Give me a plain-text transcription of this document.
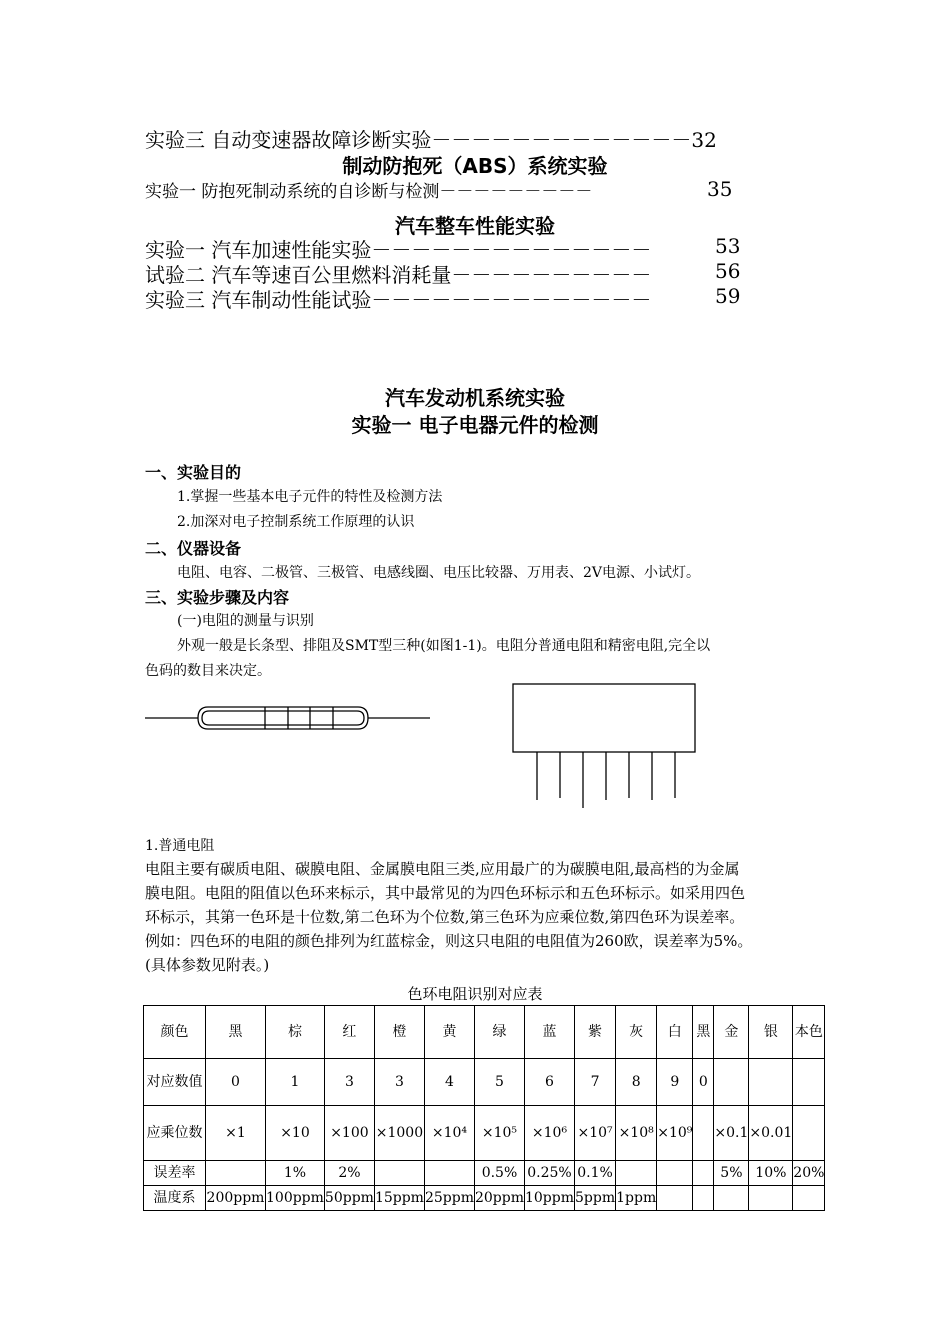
实验三 自动变速器故障诊断实验－－－－－－－－－－－－－32
制动防抱死（ABS）系统实验
实验一 防抱死制动系统的自诊断与检测－－－－－－－－－	35
汽车整车性能实验
实验一 汽车加速性能实验－－－－－－－－－－－－－－	53
试验二 汽车等速百公里燃料消耗量－－－－－－－－－－	56
实验三 汽车制动性能试验－－－－－－－－－－－－－－	59
汽车发动机系统实验
实验一 电子电器元件的检测
一、实验目的
1.掌握一些基本电子元件的特性及检测方法
2.加深对电子控制系统工作原理的认识
二、仪器设备
电阻、电容、二极管、三极管、电感线圈、电压比较器、万用表、2V电源、小试灯。
三、实验步骤及内容
(一)电阻的测量与识别
外观一般是长条型、排阻及SMT型三种(如图1-1)。电阻分普通电阻和精密电阻,完全以
色码的数目来决定。
1.普通电阻
电阻主要有碳质电阻、碳膜电阻、金属膜电阻三类,应用最广的为碳膜电阻,最高档的为金属
膜电阻。电阻的阻值以色环来标示，其中最常见的为四色环标示和五色环标示。如采用四色
环标示，其第一色环是十位数,第二色环为个位数,第三色环为应乘位数,第四色环为误差率。
例如：四色环的电阻的颜色排列为红蓝棕金，则这只电阻的电阻值为260欧，误差率为5%。
(具体参数见附表。)
色环电阻识别对应表
颜色	黑	棕	红	橙	黄	绿	蓝	紫	灰	白	黑	金	银	本色
对应数值	0	1	3	3	4	5	6	7	8	9	0			
应乘位数	×1	×10	×100	×1000	×10⁴	×10⁵	×10⁶	×10⁷	×10⁸	×10⁹		×0.1	×0.01	
误差率		1%	2%			0.5%	0.25%	0.1%				5%	10%	20%
温度系	200ppm	100ppm	50ppm	15ppm	25ppm	20ppm	10ppm	5ppm	1ppm					
